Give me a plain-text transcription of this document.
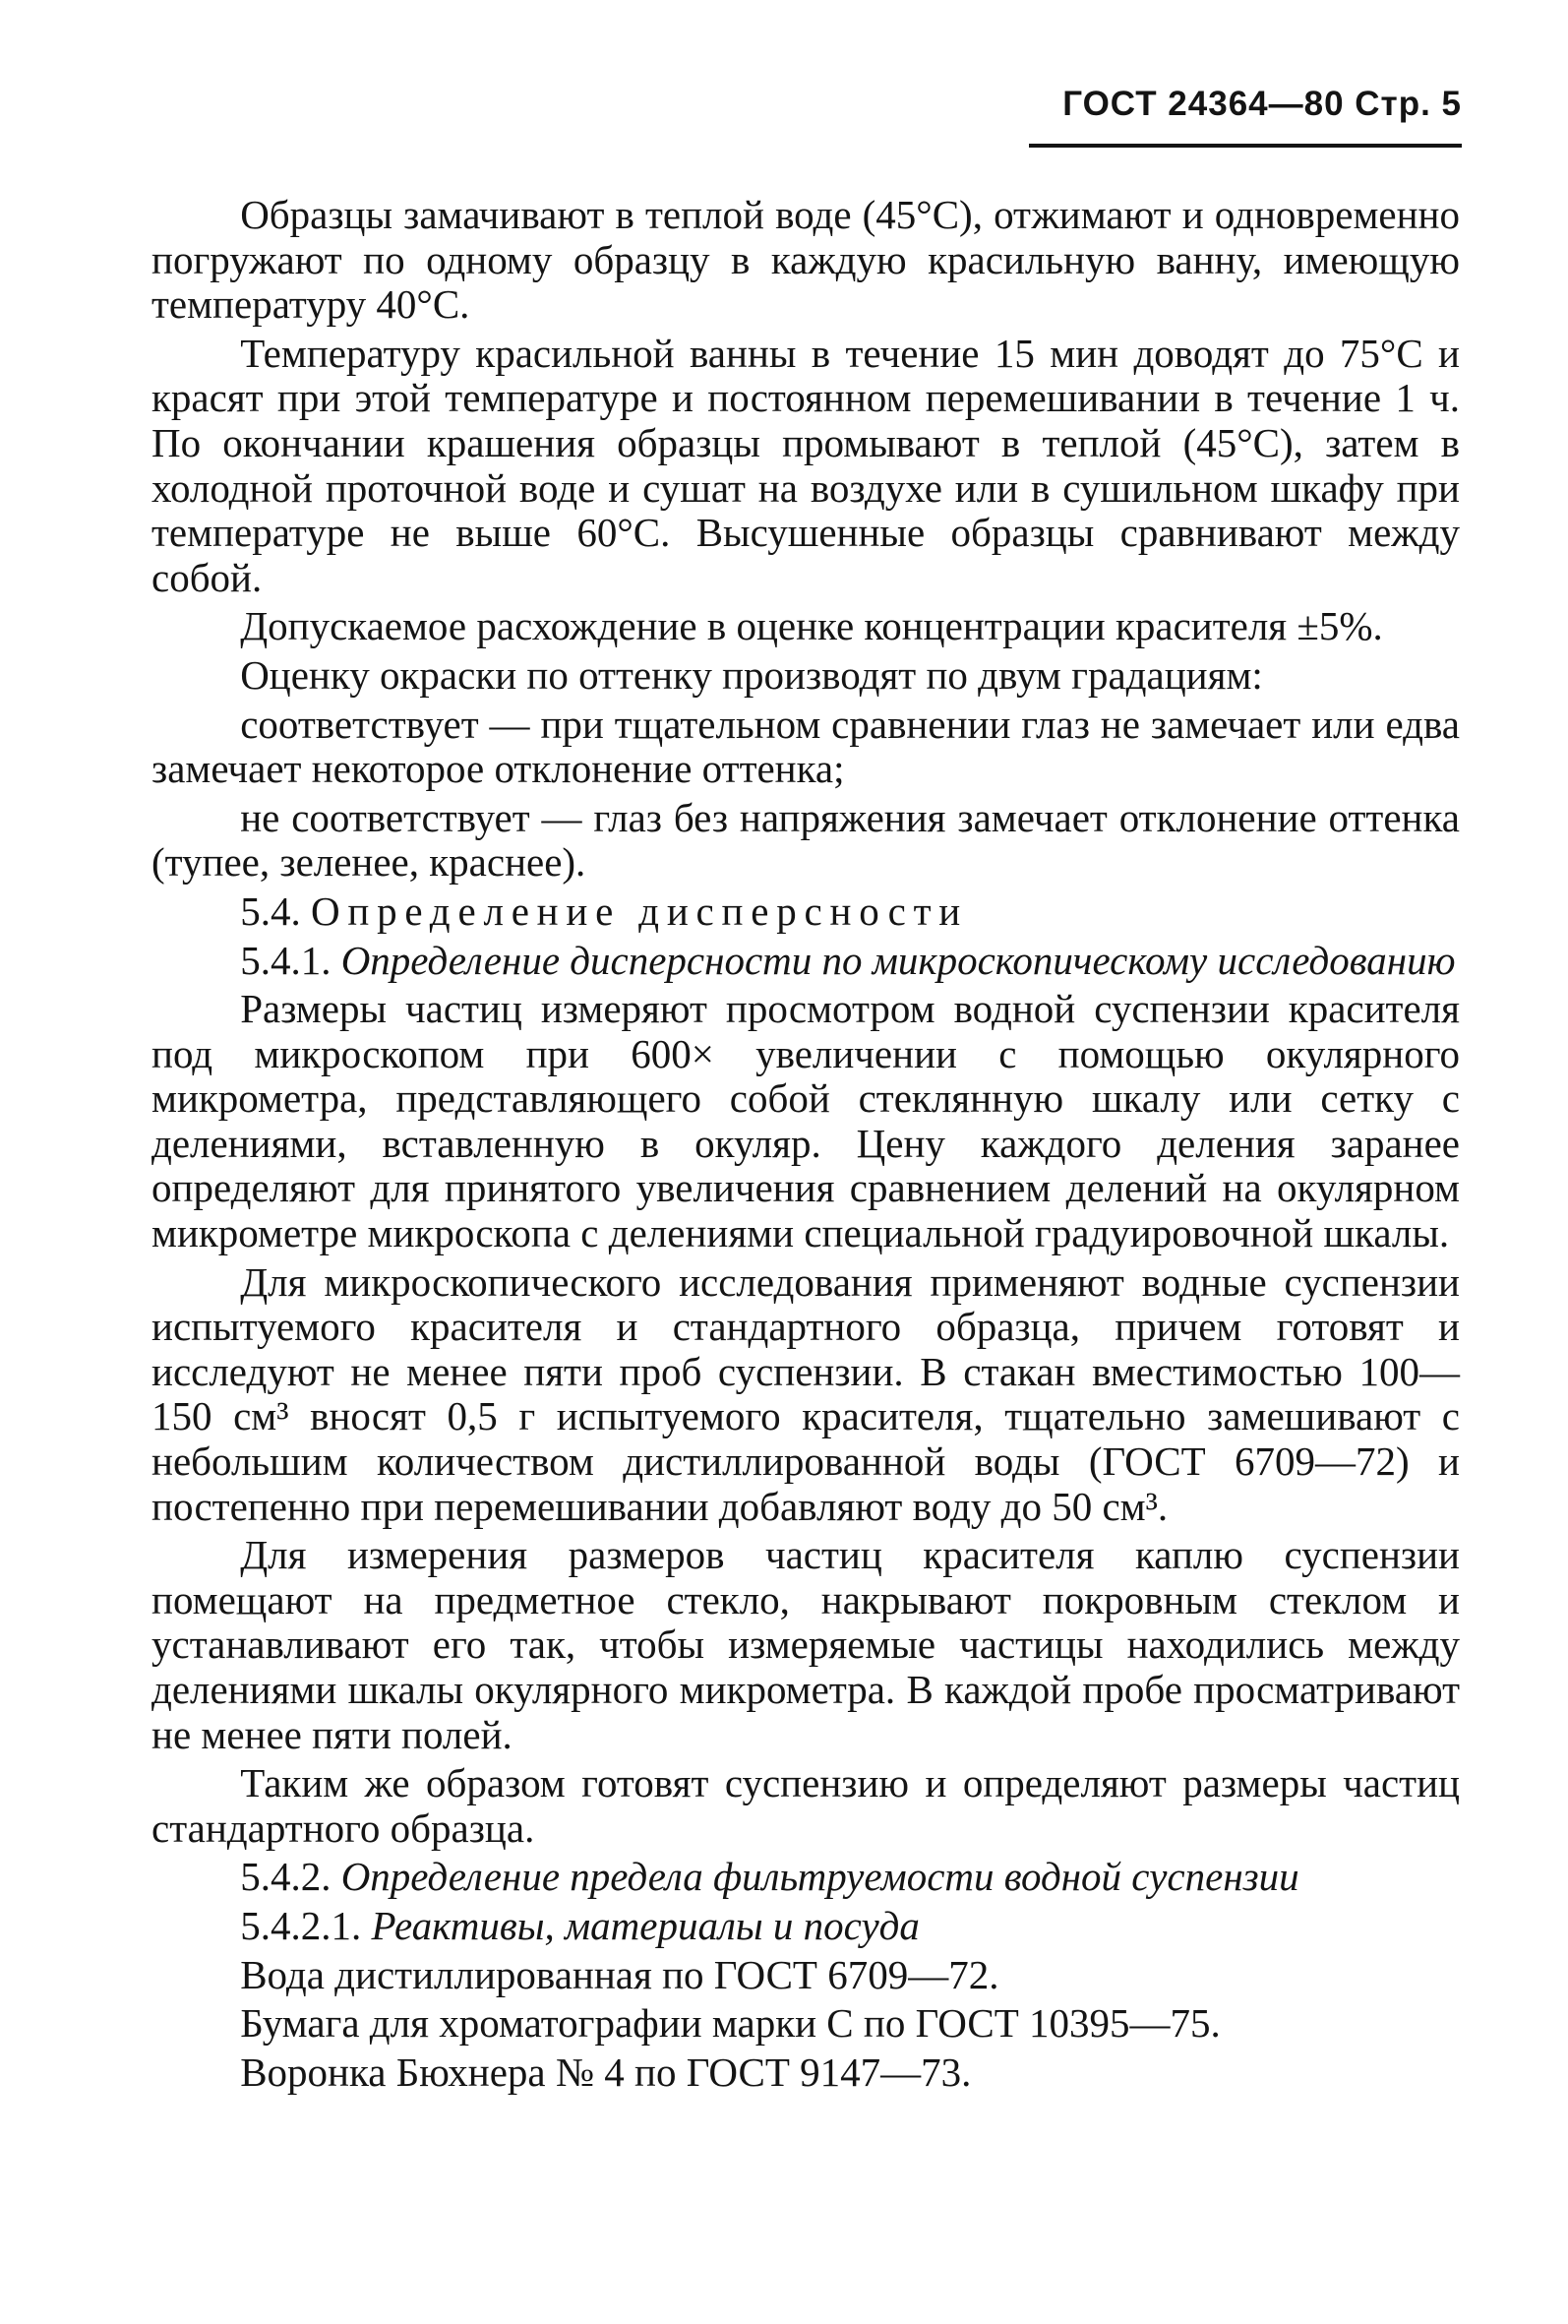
ГОСТ 24364—80 Стр. 5

Образцы замачивают в теплой воде (45°С), отжимают и одновременно погружают по одному образцу в каждую красильную ванну, имеющую температуру 40°С.

Температуру красильной ванны в течение 15 мин доводят до 75°С и красят при этой температуре и постоянном перемешивании в течение 1 ч. По окончании крашения образцы промывают в теплой (45°С), затем в холодной проточной воде и сушат на воздухе или в сушильном шкафу при температуре не выше 60°С. Высушенные образцы сравнивают между собой.

Допускаемое расхождение в оценке концентрации красителя ±5%.

Оценку окраски по оттенку производят по двум градациям:

соответствует — при тщательном сравнении глаз не замечает или едва замечает некоторое отклонение оттенка;

не соответствует — глаз без напряжения замечает отклонение оттенка (тупее, зеленее, краснее).

5.4. Определение дисперсности

5.4.1. Определение дисперсности по микроскопическому исследованию

Размеры частиц измеряют просмотром водной суспензии красителя под микроскопом при 600× увеличении с помощью окулярного микрометра, представляющего собой стеклянную шкалу или сетку с делениями, вставленную в окуляр. Цену каждого деления заранее определяют для принятого увеличения сравнением делений на окулярном микрометре микроскопа с делениями специальной градуировочной шкалы.

Для микроскопического исследования применяют водные суспензии испытуемого красителя и стандартного образца, причем готовят и исследуют не менее пяти проб суспензии. В стакан вместимостью 100—150 см³ вносят 0,5 г испытуемого красителя, тщательно замешивают с небольшим количеством дистиллированной воды (ГОСТ 6709—72) и постепенно при перемешивании добавляют воду до 50 см³.

Для измерения размеров частиц красителя каплю суспензии помещают на предметное стекло, накрывают покровным стеклом и устанавливают его так, чтобы измеряемые частицы находились между делениями шкалы окулярного микрометра. В каждой пробе просматривают не менее пяти полей.

Таким же образом готовят суспензию и определяют размеры частиц стандартного образца.

5.4.2. Определение предела фильтруемости водной суспензии

5.4.2.1. Реактивы, материалы и посуда

Вода дистиллированная по ГОСТ 6709—72.

Бумага для хроматографии марки С по ГОСТ 10395—75.

Воронка Бюхнера № 4 по ГОСТ 9147—73.
